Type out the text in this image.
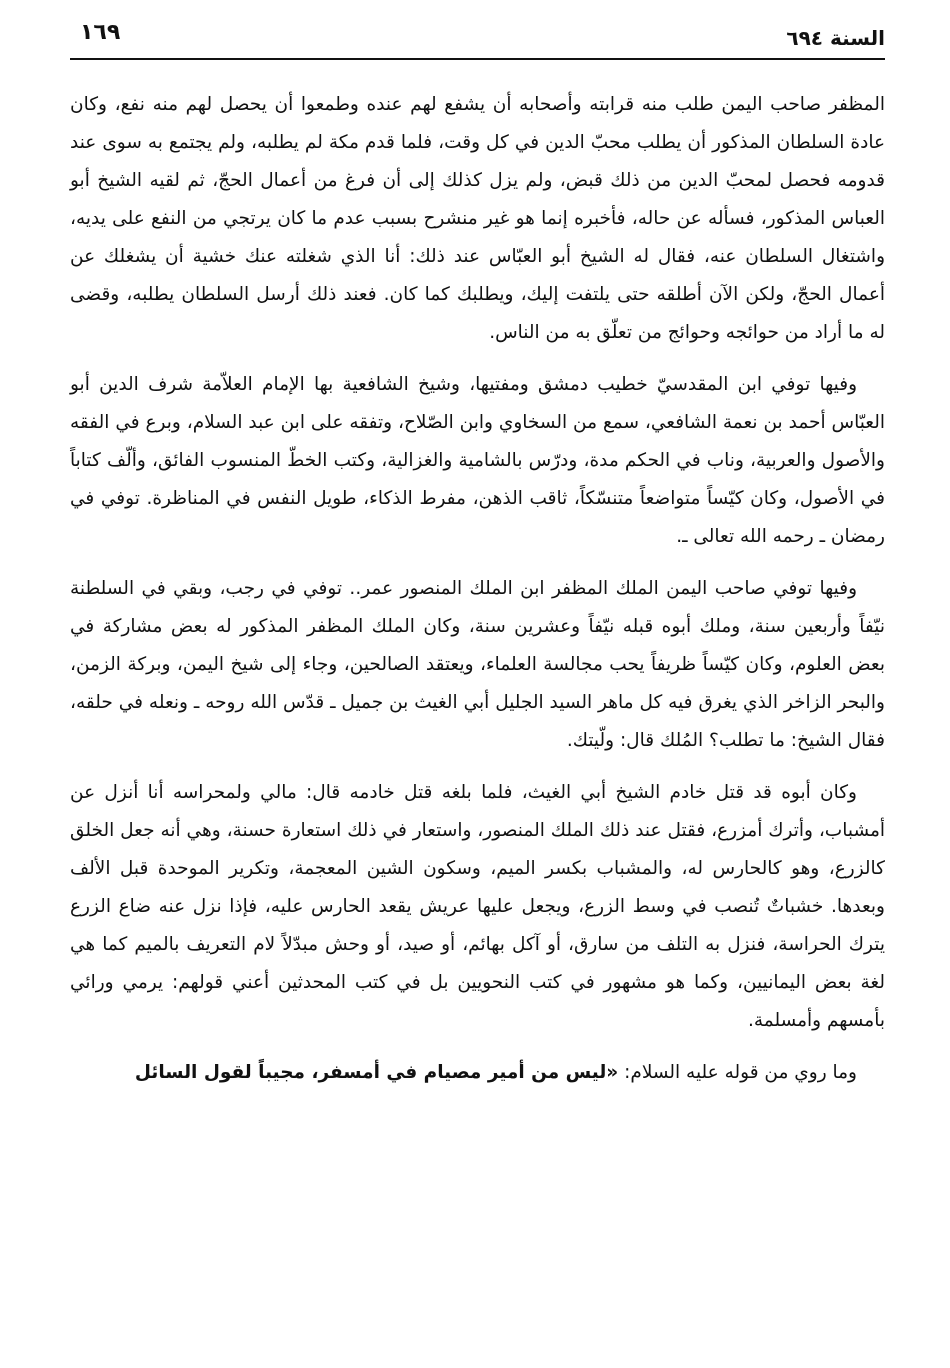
السنة ٦٩٤
١٦٩

المظفر صاحب اليمن طلب منه قرابته وأصحابه أن يشفع لهم عنده وطمعوا أن يحصل لهم منه نفع، وكان عادة السلطان المذكور أن يطلب محبّ الدين في كل وقت، فلما قدم مكة لم يطلبه، ولم يجتمع به سوى عند قدومه فحصل لمحبّ الدين من ذلك قبض، ولم يزل كذلك إلى أن فرغ من أعمال الحجّ، ثم لقيه الشيخ أبو العباس المذكور، فسأله عن حاله، فأخبره إنما هو غير منشرح بسبب عدم ما كان يرتجي من النفع على يديه، واشتغال السلطان عنه، فقال له الشيخ أبو العبّاس عند ذلك: أنا الذي شغلته عنك خشية أن يشغلك عن أعمال الحجّ، ولكن الآن أطلقه حتى يلتفت إليك، ويطلبك كما كان. فعند ذلك أرسل السلطان يطلبه، وقضى له ما أراد من حوائجه وحوائج من تعلّق به من الناس.

وفيها توفي ابن المقدسيّ خطيب دمشق ومفتيها، وشيخ الشافعية بها الإمام العلاّمة شرف الدين أبو العبّاس أحمد بن نعمة الشافعي، سمع من السخاوي وابن الصّلاح، وتفقه على ابن عبد السلام، وبرع في الفقه والأصول والعربية، وناب في الحكم مدة، ودرّس بالشامية والغزالية، وكتب الخطّ المنسوب الفائق، وألّف كتاباً في الأصول، وكان كيّساً متواضعاً متنسّكاً، ثاقب الذهن، مفرط الذكاء، طويل النفس في المناظرة. توفي في رمضان ـ رحمه الله تعالى ـ.

وفيها توفي صاحب اليمن الملك المظفر ابن الملك المنصور عمر.. توفي في رجب، وبقي في السلطنة نيّفاً وأربعين سنة، وملك أبوه قبله نيّفاً وعشرين سنة، وكان الملك المظفر المذكور له بعض مشاركة في بعض العلوم، وكان كيّساً ظريفاً يحب مجالسة العلماء، ويعتقد الصالحين، وجاء إلى شيخ اليمن، وبركة الزمن، والبحر الزاخر الذي يغرق فيه كل ماهر السيد الجليل أبي الغيث بن جميل ـ قدّس الله روحه ـ ونعله في حلقه، فقال الشيخ: ما تطلب؟ المُلك قال: ولّيتك.

وكان أبوه قد قتل خادم الشيخ أبي الغيث، فلما بلغه قتل خادمه قال: مالي ولمحراسه أنا أنزل عن أمشباب، وأترك أمزرع، فقتل عند ذلك الملك المنصور، واستعار في ذلك استعارة حسنة، وهي أنه جعل الخلق كالزرع، وهو كالحارس له، والمشباب بكسر الميم، وسكون الشين المعجمة، وتكرير الموحدة قبل الألف وبعدها. خشباتٌ تُنصب في وسط الزرع، ويجعل عليها عريش يقعد الحارس عليه، فإذا نزل عنه ضاع الزرع يترك الحراسة، فنزل به التلف من سارق، أو آكل بهائم، أو صيد، أو وحش مبدّلاً لام التعريف بالميم كما هي لغة بعض اليمانيين، وكما هو مشهور في كتب النحويين بل في كتب المحدثين أعني قولهم: يرمي ورائي بأمسهم وأمسلمة.

وما روي من قوله عليه السلام: «ليس من أمير مصيام في أمسفر، مجيباً لقول السائل
